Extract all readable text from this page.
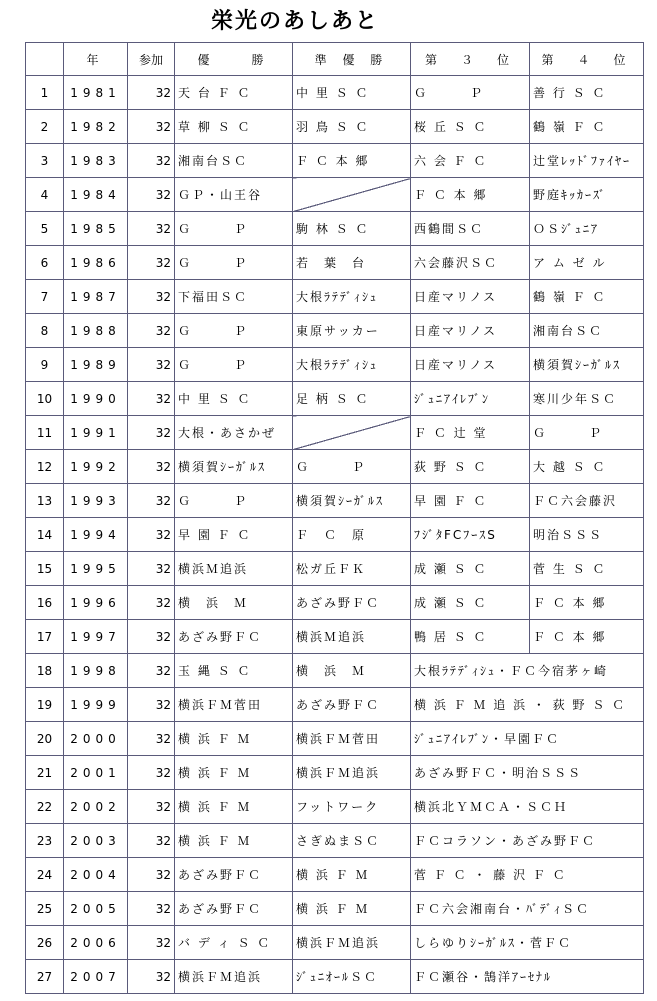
栄光のあしあと
	年	参加	優　　勝	準 優 勝	第　３　位	第　４　位
1	1981	32	天 台 Ｆ Ｃ	中 里 Ｓ Ｃ	Ｇ　　　Ｐ	善 行 Ｓ Ｃ
2	1982	32	草 柳 Ｓ Ｃ	羽 鳥 Ｓ Ｃ	桜 丘 Ｓ Ｃ	鶴 嶺 Ｆ Ｃ
3	1983	32	湘南台ＳＣ	Ｆ Ｃ 本 郷	六 会 Ｆ Ｃ	辻堂ﾚｯﾄﾞﾌｧｲﾔｰ
4	1984	32	ＧＰ・山王谷		Ｆ Ｃ 本 郷	野庭ｷｯｶｰｽﾞ
5	1985	32	Ｇ　　　Ｐ	駒 林 Ｓ Ｃ	西鶴間ＳＣ	ＯＳｼﾞｭﾆｱ
6	1986	32	Ｇ　　　Ｐ	若　葉　台	六会藤沢ＳＣ	ア ム ゼ ル
7	1987	32	下福田ＳＣ	大根ﾗﾃﾃﾞｨｼｭ	日産マリノス	鶴 嶺 Ｆ Ｃ
8	1988	32	Ｇ　　　Ｐ	東原サッカー	日産マリノス	湘南台ＳＣ
9	1989	32	Ｇ　　　Ｐ	大根ﾗﾃﾃﾞｨｼｭ	日産マリノス	横須賀ｼｰｶﾞﾙｽ
10	1990	32	中 里 Ｓ Ｃ	足 柄 Ｓ Ｃ	ｼﾞｭﾆｱｲﾚﾌﾞﾝ	寒川少年ＳＣ
11	1991	32	大根・あさかぜ		Ｆ Ｃ 辻 堂	Ｇ　　　Ｐ
12	1992	32	横須賀ｼｰｶﾞﾙｽ	Ｇ　　　Ｐ	荻 野 Ｓ Ｃ	大 越 Ｓ Ｃ
13	1993	32	Ｇ　　　Ｐ	横須賀ｼｰｶﾞﾙｽ	早 園 Ｆ Ｃ	ＦＣ六会藤沢
14	1994	32	早 園 Ｆ Ｃ	Ｆ　Ｃ　原	ﾌｼﾞﾀFCﾌｰｽS	明治ＳＳＳ
15	1995	32	横浜Ｍ追浜	松ガ丘ＦＫ	成 瀬 Ｓ Ｃ	菅 生 Ｓ Ｃ
16	1996	32	横　浜　Ｍ	あざみ野ＦＣ	成 瀬 Ｓ Ｃ	Ｆ Ｃ 本 郷
17	1997	32	あざみ野ＦＣ	横浜Ｍ追浜	鴨 居 Ｓ Ｃ	Ｆ Ｃ 本 郷
18	1998	32	玉 縄 Ｓ Ｃ	横　浜　Ｍ	大根ﾗﾃﾃﾞｨｼｭ・ＦＣ今宿茅ヶ崎	
19	1999	32	横浜ＦＭ菅田	あざみ野ＦＣ	横 浜 Ｆ Ｍ 追 浜 ・ 荻 野 Ｓ Ｃ	
20	2000	32	横 浜 Ｆ Ｍ	横浜ＦＭ菅田	ｼﾞｭﾆｱｲﾚﾌﾞﾝ・早園ＦＣ	
21	2001	32	横 浜 Ｆ Ｍ	横浜ＦＭ追浜	あざみ野ＦＣ・明治ＳＳＳ	
22	2002	32	横 浜 Ｆ Ｍ	フットワーク	横浜北ＹＭＣＡ・ＳＣＨ	
23	2003	32	横 浜 Ｆ Ｍ	さぎぬまＳＣ	ＦＣコラソン・あざみ野ＦＣ	
24	2004	32	あざみ野ＦＣ	横 浜 Ｆ Ｍ	菅 Ｆ Ｃ ・ 藤 沢 Ｆ Ｃ	
25	2005	32	あざみ野ＦＣ	横 浜 Ｆ Ｍ	ＦＣ六会湘南台・ﾊﾞﾃﾞｨＳＣ	
26	2006	32	バ デ ィ Ｓ Ｃ	横浜ＦＭ追浜	しらゆりｼｰｶﾞﾙｽ・菅ＦＣ	
27	2007	32	横浜ＦＭ追浜	ｼﾞｭﾆｵｰﾙＳＣ	ＦＣ瀬谷・鵠洋ｱｰｾﾅﾙ	
